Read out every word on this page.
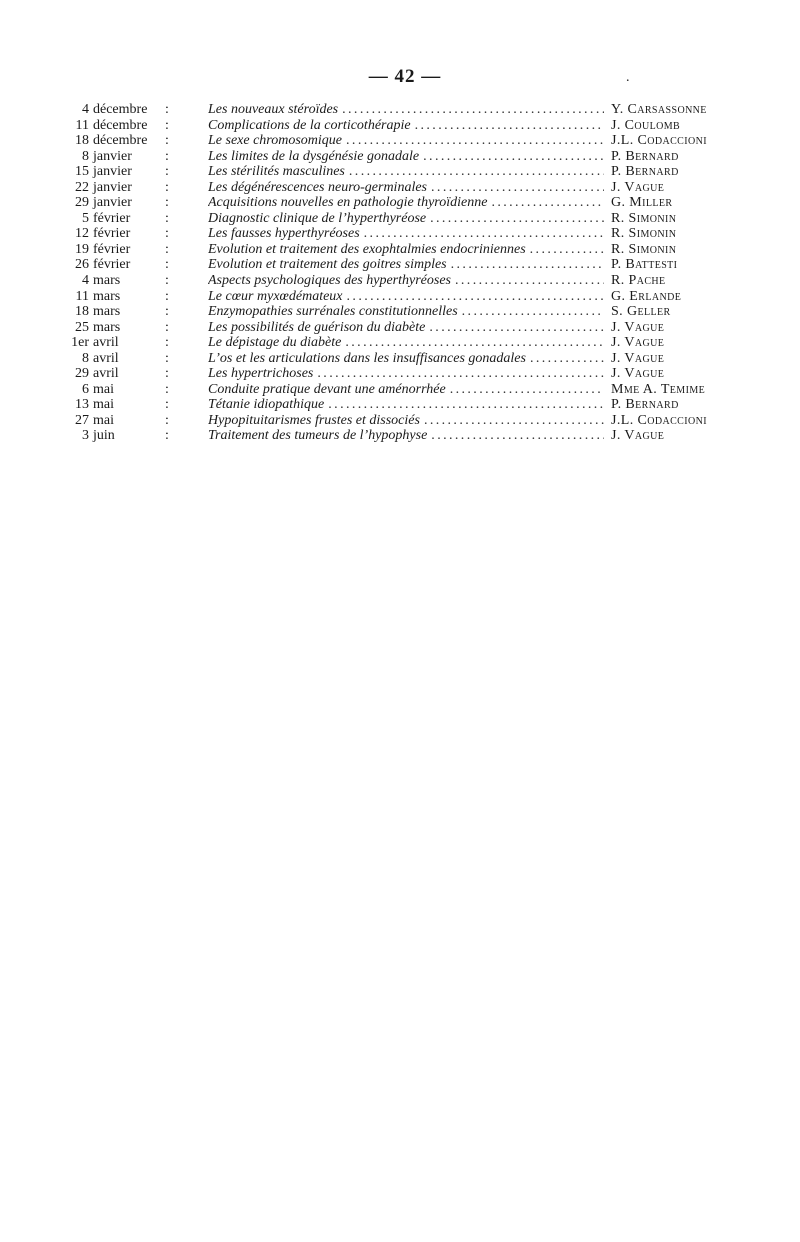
— 42 —	.
4 décembre	:	Les nouveaux stéroïdes .....	Y. Carsassonne
11 décembre	:	Complications de la corticothérapie .....	J. Coulomb
18 décembre	:	Le sexe chromosomique .....	J.L. Codaccioni
8 janvier	:	Les limites de la dysgénésie gonadale .....	P. Bernard
15 janvier	:	Les stérilités masculines .....	P. Bernard
22 janvier	:	Les dégénérescences neuro-germinales .....	J. Vague
29 janvier	:	Acquisitions nouvelles en pathologie thyroïdienne .....	G. Miller
5 février	:	Diagnostic clinique de l’hyperthyréose .....	R. Simonin
12 février	:	Les fausses hyperthyréoses .....	R. Simonin
19 février	:	Evolution et traitement des exophtalmies endocriniennes .....	R. Simonin
26 février	:	Evolution et traitement des goitres simples .....	P. Battesti
4 mars	:	Aspects psychologiques des hyperthyréoses .....	R. Pache
11 mars	:	Le cœur myxœdémateux .....	G. Erlande
18 mars	:	Enzymopathies surrénales constitutionnelles .....	S. Geller
25 mars	:	Les possibilités de guérison du diabète .....	J. Vague
1er avril	:	Le dépistage du diabète .....	J. Vague
8 avril	:	L’os et les articulations dans les insuffisances gonadales .....	J. Vague
29 avril	:	Les hypertrichoses .....	J. Vague
6 mai	:	Conduite pratique devant une aménorrhée .....	Mme A. Temime
13 mai	:	Tétanie idiopathique .....	P. Bernard
27 mai	:	Hypopituitarismes frustes et dissociés .....	J.L. Codaccioni
3 juin	:	Traitement des tumeurs de l’hypophyse .....	J. Vague
